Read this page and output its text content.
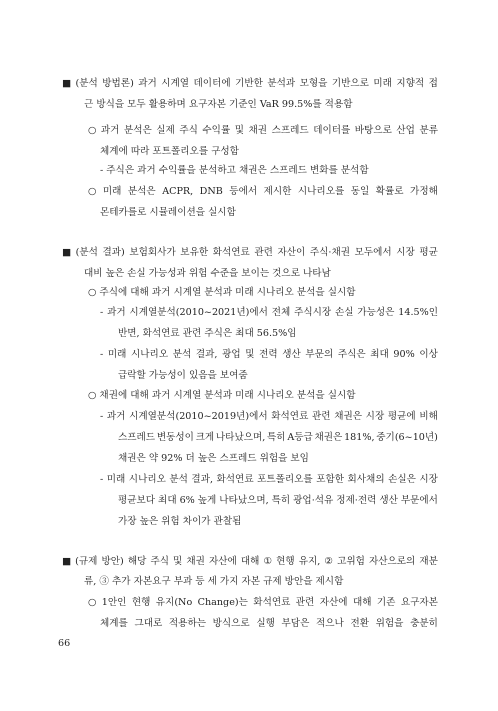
■ (분석 방법론) 과거 시계열 데이터에 기반한 분석과 모형을 기반으로 미래 지향적 접
근 방식을 모두 활용하며 요구자본 기준인 VaR 99.5%를 적용함
○ 과거 분석은 실제 주식 수익률 및 채권 스프레드 데이터를 바탕으로 산업 분류
체계에 따라 포트폴리오를 구성함
- 주식은 과거 수익률을 분석하고 채권은 스프레드 변화를 분석함
○ 미래 분석은 ACPR, DNB 등에서 제시한 시나리오를 동일 확률로 가정해
몬테카를로 시뮬레이션을 실시함
■ (분석 결과) 보험회사가 보유한 화석연료 관련 자산이 주식·채권 모두에서 시장 평균
대비 높은 손실 가능성과 위험 수준을 보이는 것으로 나타남
○ 주식에 대해 과거 시계열 분석과 미래 시나리오 분석을 실시함
- 과거 시계열분석(2010~2021년)에서 전체 주식시장 손실 가능성은 14.5%인
반면, 화석연료 관련 주식은 최대 56.5%임
- 미래 시나리오 분석 결과, 광업 및 전력 생산 부문의 주식은 최대 90% 이상
급락할 가능성이 있음을 보여줌
○ 채권에 대해 과거 시계열 분석과 미래 시나리오 분석을 실시함
- 과거 시계열분석(2010~2019년)에서 화석연료 관련 채권은 시장 평균에 비해
스프레드 변동성이 크게 나타났으며, 특히 A등급 채권은 181%, 중기(6~10년)
채권은 약 92% 더 높은 스프레드 위험을 보임
- 미래 시나리오 분석 결과, 화석연료 포트폴리오를 포함한 회사채의 손실은 시장
평균보다 최대 6% 높게 나타났으며, 특히 광업·석유 정제·전력 생산 부문에서
가장 높은 위험 차이가 관찰됨
■ (규제 방안) 해당 주식 및 채권 자산에 대해 ① 현행 유지, ② 고위험 자산으로의 재분
류, ③ 추가 자본요구 부과 등 세 가지 자본 규제 방안을 제시함
○ 1안인 현행 유지(No Change)는 화석연료 관련 자산에 대해 기존 요구자본
체계를 그대로 적용하는 방식으로 실행 부담은 적으나 전환 위험을 충분히
66
